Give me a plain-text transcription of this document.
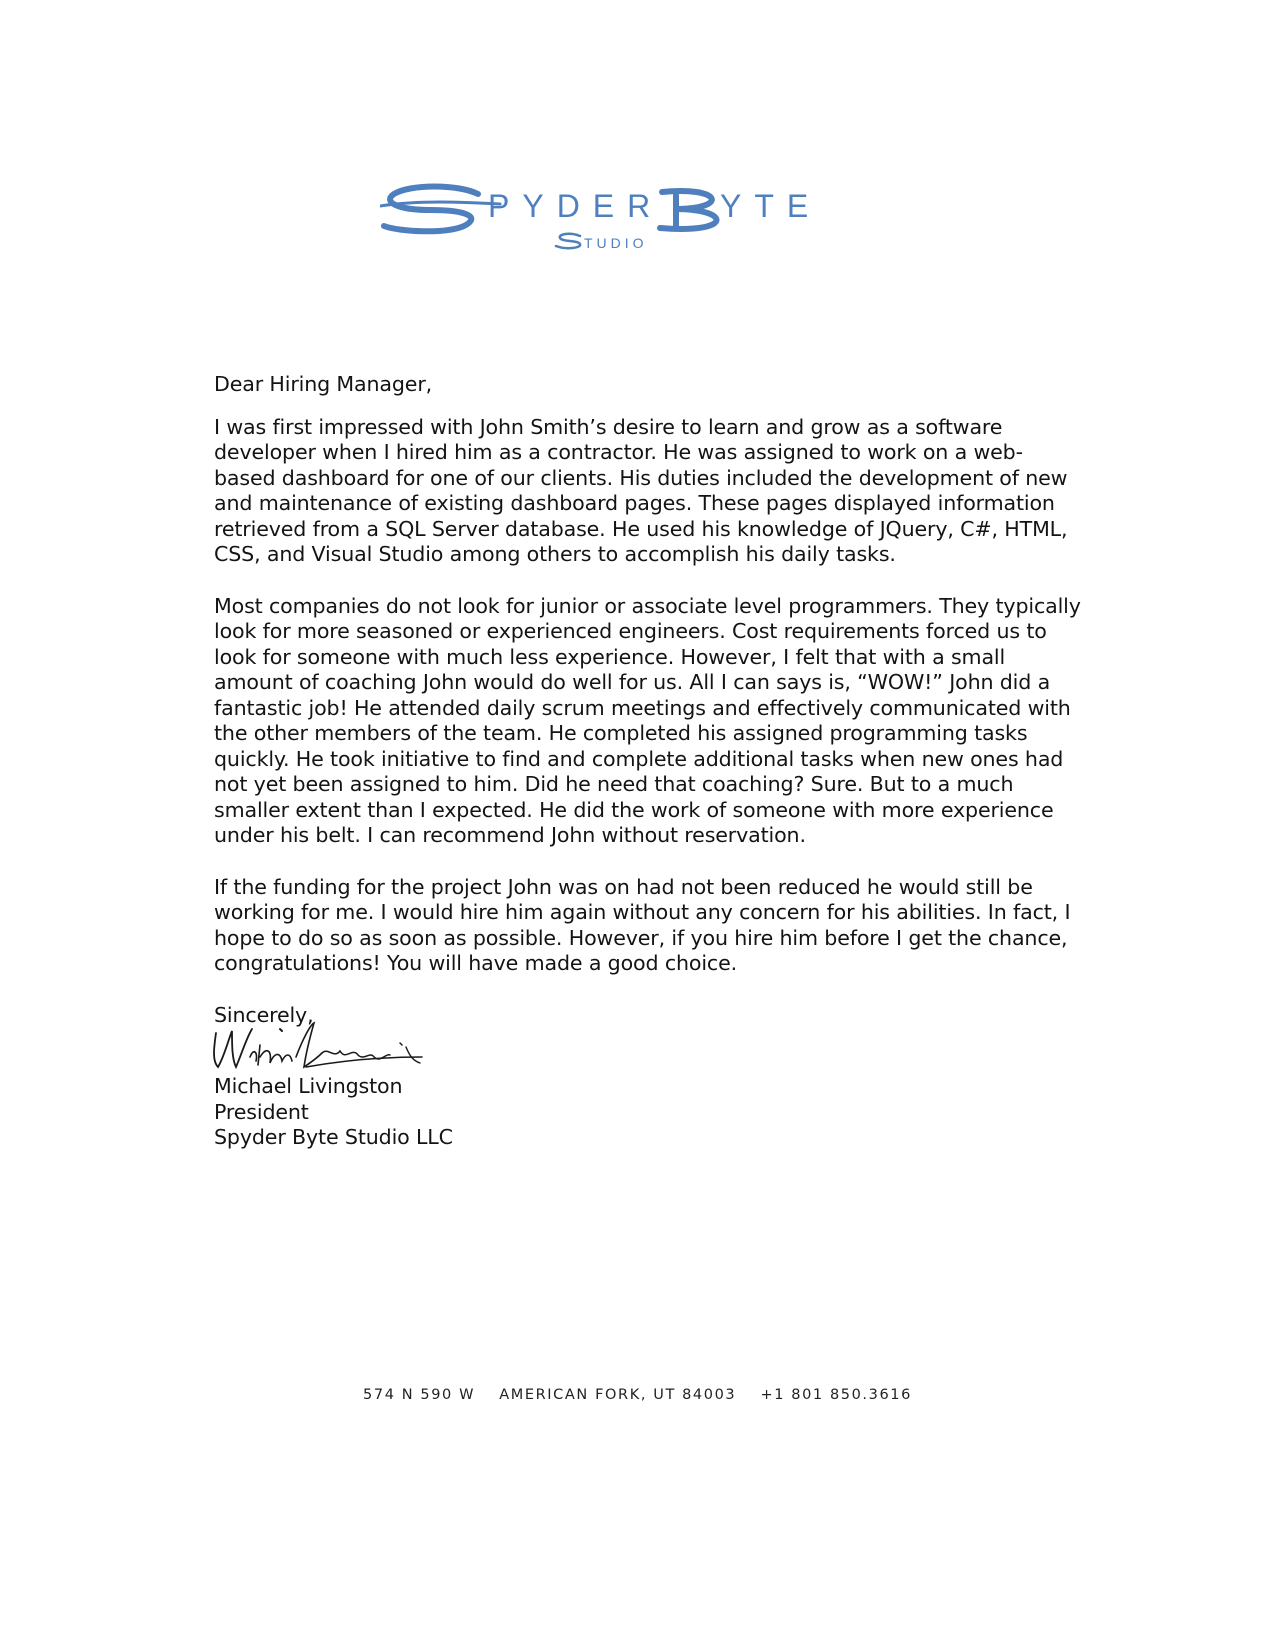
PYDER YTE
TUDIO

Dear Hiring Manager,

I was first impressed with John Smith’s desire to learn and grow as a software developer when I hired him as a contractor. He was assigned to work on a web-based dashboard for one of our clients. His duties included the development of new and maintenance of existing dashboard pages. These pages displayed information retrieved from a SQL Server database. He used his knowledge of JQuery, C#, HTML, CSS, and Visual Studio among others to accomplish his daily tasks.

Most companies do not look for junior or associate level programmers. They typically look for more seasoned or experienced engineers. Cost requirements forced us to look for someone with much less experience. However, I felt that with a small amount of coaching John would do well for us. All I can says is, “WOW!” John did a fantastic job! He attended daily scrum meetings and effectively communicated with the other members of the team. He completed his assigned programming tasks quickly. He took initiative to find and complete additional tasks when new ones had not yet been assigned to him. Did he need that coaching? Sure. But to a much smaller extent than I expected. He did the work of someone with more experience under his belt. I can recommend John without reservation.

If the funding for the project John was on had not been reduced he would still be working for me. I would hire him again without any concern for his abilities. In fact, I hope to do so as soon as possible. However, if you hire him before I get the chance, congratulations! You will have made a good choice.

Sincerely,

Michael Livingston

President

Spyder Byte Studio LLC

574 N 590 W AMERICAN FORK, UT 84003 +1 801 850.3616
